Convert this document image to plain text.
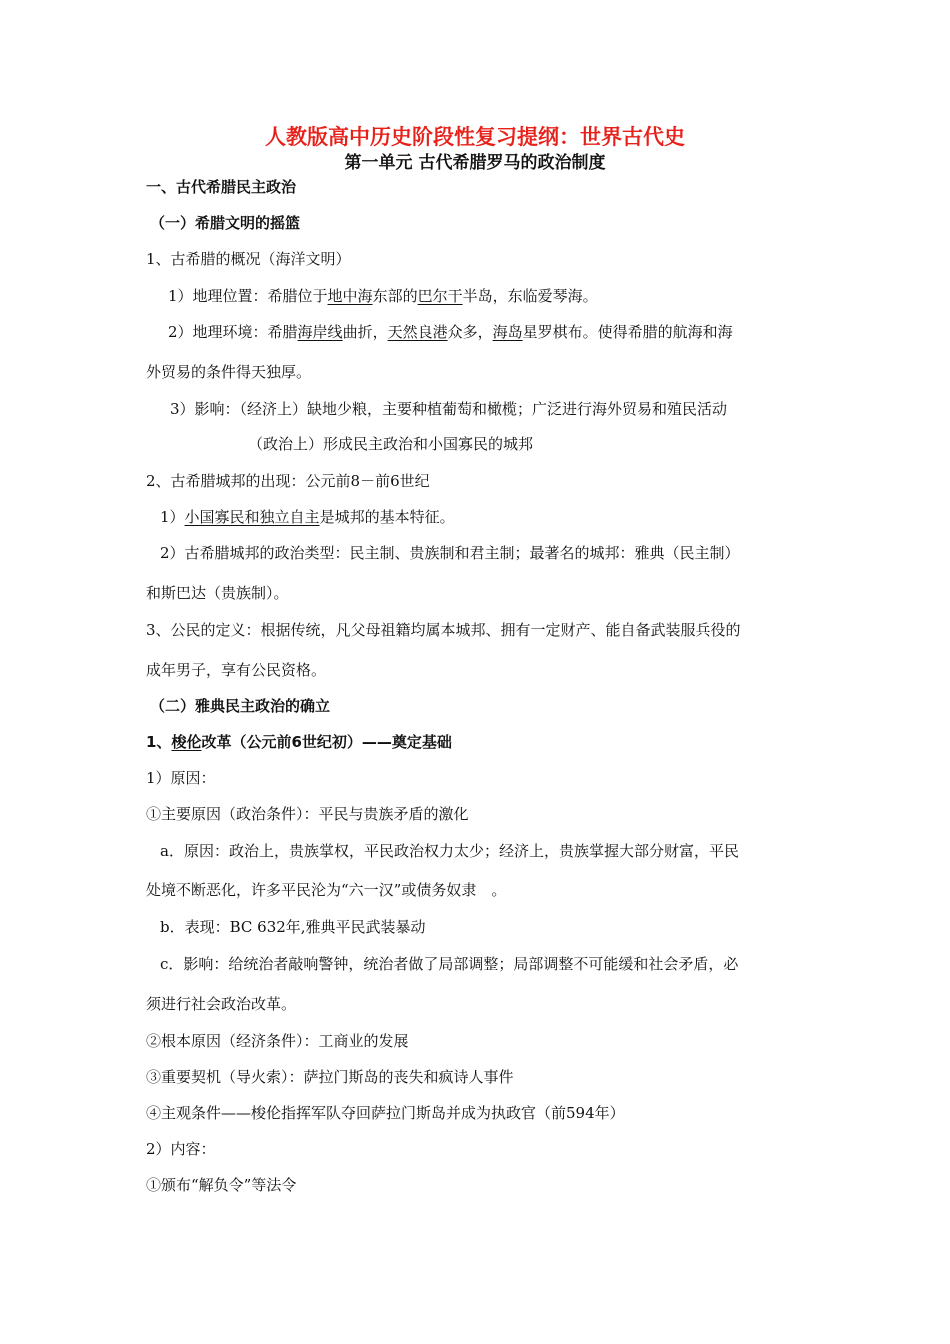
人教版高中历史阶段性复习提纲：世界古代史
第一单元 古代希腊罗马的政治制度
一、古代希腊民主政治
（一）希腊文明的摇篮
1、古希腊的概况（海洋文明）
1）地理位置：希腊位于地中海东部的巴尔干半岛，东临爱琴海。
2）地理环境：希腊海岸线曲折，天然良港众多，海岛星罗棋布。使得希腊的航海和海
外贸易的条件得天独厚。
3）影响：（经济上）缺地少粮，主要种植葡萄和橄榄；广泛进行海外贸易和殖民活动
（政治上）形成民主政治和小国寡民的城邦
2、古希腊城邦的出现：公元前8－前6世纪
1）小国寡民和独立自主是城邦的基本特征。
2）古希腊城邦的政治类型：民主制、贵族制和君主制；最著名的城邦：雅典（民主制）
和斯巴达（贵族制）。
3、公民的定义：根据传统，凡父母祖籍均属本城邦、拥有一定财产、能自备武装服兵役的
成年男子，享有公民资格。
（二）雅典民主政治的确立
1、梭伦改革（公元前6世纪初）——奠定基础
1）原因：
①主要原因（政治条件）：平民与贵族矛盾的激化
a．原因：政治上，贵族掌权，平民政治权力太少；经济上，贵族掌握大部分财富，平民
处境不断恶化，许多平民沦为“六一汉”或债务奴隶　。
b．表现：BC 632年,雅典平民武装暴动
c．影响：给统治者敲响警钟，统治者做了局部调整；局部调整不可能缓和社会矛盾，必
须进行社会政治改革。
②根本原因（经济条件）：工商业的发展
③重要契机（导火索）：萨拉门斯岛的丧失和疯诗人事件
④主观条件——梭伦指挥军队夺回萨拉门斯岛并成为执政官（前594年）
2）内容：
①颁布“解负令”等法令
